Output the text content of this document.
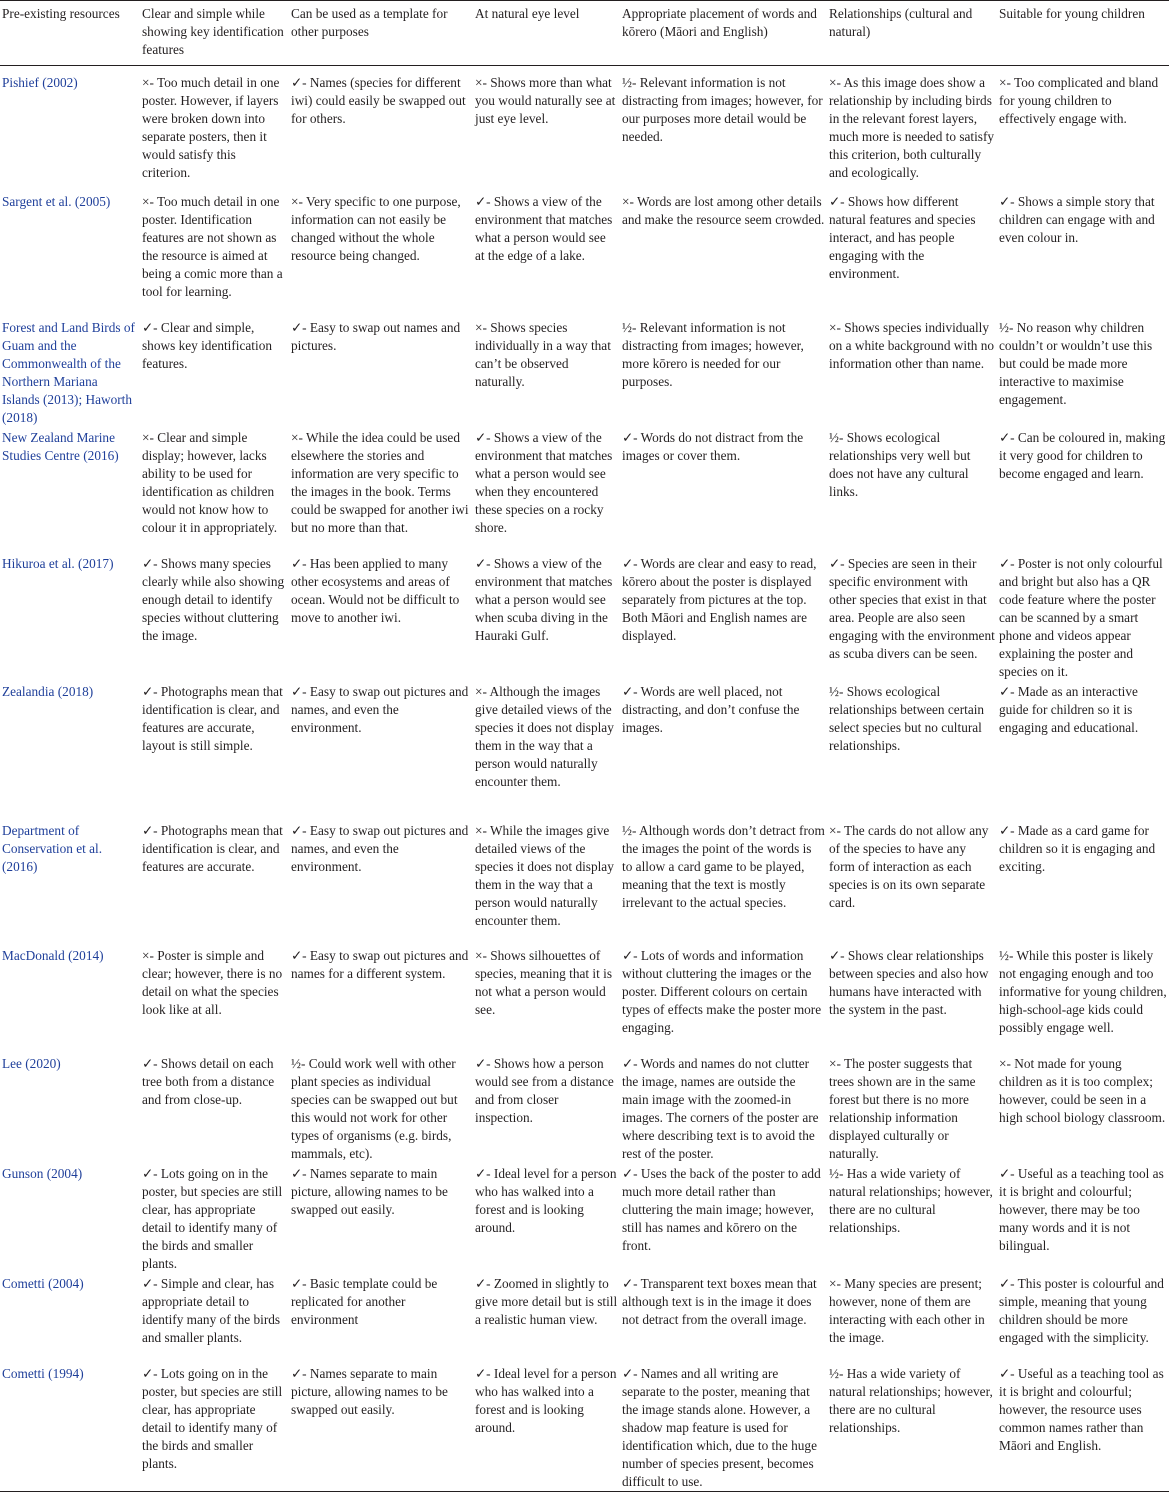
Pre-existing resources	Clear and simple while showing key identification features	Can be used as a template for other purposes	At natural eye level	Appropriate placement of words and kōrero (Māori and English)	Relationships (cultural and natural)	Suitable for young children
Pishief (2002)	×- Too much detail in one poster. However, if layers were broken down into separate posters, then it would satisfy this criterion.	✓- Names (species for different iwi) could easily be swapped out for others.	×- Shows more than what you would naturally see at just eye level.	½- Relevant information is not distracting from images; however, for our purposes more detail would be needed.	×- As this image does show a relationship by including birds in the relevant forest layers, much more is needed to satisfy this criterion, both culturally and ecologically.	×- Too complicated and bland for young children to effectively engage with.
Sargent et al. (2005)	×- Too much detail in one poster. Identification features are not shown as the resource is aimed at being a comic more than a tool for learning.	×- Very specific to one purpose, information can not easily be changed without the whole resource being changed.	✓- Shows a view of the environment that matches what a person would see at the edge of a lake.	×- Words are lost among other details and make the resource seem crowded.	✓- Shows how different natural features and species interact, and has people engaging with the environment.	✓- Shows a simple story that children can engage with and even colour in.
Forest and Land Birds of Guam and the Commonwealth of the Northern Mariana Islands (2013); Haworth (2018)	✓- Clear and simple, shows key identification features.	✓- Easy to swap out names and pictures.	×- Shows species individually in a way that can’t be observed naturally.	½- Relevant information is not distracting from images; however, more kōrero is needed for our purposes.	×- Shows species individually on a white background with no information other than name.	½- No reason why children couldn’t or wouldn’t use this but could be made more interactive to maximise engagement.
New Zealand Marine Studies Centre (2016)	×- Clear and simple display; however, lacks ability to be used for identification as children would not know how to colour it in appropriately.	×- While the idea could be used elsewhere the stories and information are very specific to the images in the book. Terms could be swapped for another iwi but no more than that.	✓- Shows a view of the environment that matches what a person would see when they encountered these species on a rocky shore.	✓- Words do not distract from the images or cover them.	½- Shows ecological relationships very well but does not have any cultural links.	✓- Can be coloured in, making it very good for children to become engaged and learn.
Hikuroa et al. (2017)	✓- Shows many species clearly while also showing enough detail to identify species without cluttering the image.	✓- Has been applied to many other ecosystems and areas of ocean. Would not be difficult to move to another iwi.	✓- Shows a view of the environment that matches what a person would see when scuba diving in the Hauraki Gulf.	✓- Words are clear and easy to read, kōrero about the poster is displayed separately from pictures at the top. Both Māori and English names are displayed.	✓- Species are seen in their specific environment with other species that exist in that area. People are also seen engaging with the environment as scuba divers can be seen.	✓- Poster is not only colourful and bright but also has a QR code feature where the poster can be scanned by a smart phone and videos appear explaining the poster and species on it.
Zealandia (2018)	✓- Photographs mean that identification is clear, and features are accurate, layout is still simple.	✓- Easy to swap out pictures and names, and even the environment.	×- Although the images give detailed views of the species it does not display them in the way that a person would naturally encounter them.	✓- Words are well placed, not distracting, and don’t confuse the images.	½- Shows ecological relationships between certain select species but no cultural relationships.	✓- Made as an interactive guide for children so it is engaging and educational.
Department of Conservation et al. (2016)	✓- Photographs mean that identification is clear, and features are accurate.	✓- Easy to swap out pictures and names, and even the environment.	×- While the images give detailed views of the species it does not display them in the way that a person would naturally encounter them.	½- Although words don’t detract from the images the point of the words is to allow a card game to be played, meaning that the text is mostly irrelevant to the actual species.	×- The cards do not allow any of the species to have any form of interaction as each species is on its own separate card.	✓- Made as a card game for children so it is engaging and exciting.
MacDonald (2014)	×- Poster is simple and clear; however, there is no detail on what the species look like at all.	✓- Easy to swap out pictures and names for a different system.	×- Shows silhouettes of species, meaning that it is not what a person would see.	✓- Lots of words and information without cluttering the images or the poster. Different colours on certain types of effects make the poster more engaging.	✓- Shows clear relationships between species and also how humans have interacted with the system in the past.	½- While this poster is likely not engaging enough and too informative for young children, high-school-age kids could possibly engage well.
Lee (2020)	✓- Shows detail on each tree both from a distance and from close-up.	½- Could work well with other plant species as individual species can be swapped out but this would not work for other types of organisms (e.g. birds, mammals, etc).	✓- Shows how a person would see from a distance and from closer inspection.	✓- Words and names do not clutter the image, names are outside the main image with the zoomed-in images. The corners of the poster are where describing text is to avoid the rest of the poster.	×- The poster suggests that trees shown are in the same forest but there is no more relationship information displayed culturally or naturally.	×- Not made for young children as it is too complex; however, could be seen in a high school biology classroom.
Gunson (2004)	✓- Lots going on in the poster, but species are still clear, has appropriate detail to identify many of the birds and smaller plants.	✓- Names separate to main picture, allowing names to be swapped out easily.	✓- Ideal level for a person who has walked into a forest and is looking around.	✓- Uses the back of the poster to add much more detail rather than cluttering the main image; however, still has names and kōrero on the front.	½- Has a wide variety of natural relationships; however, there are no cultural relationships.	✓- Useful as a teaching tool as it is bright and colourful; however, there may be too many words and it is not bilingual.
Cometti (2004)	✓- Simple and clear, has appropriate detail to identify many of the birds and smaller plants.	✓- Basic template could be replicated for another environment	✓- Zoomed in slightly to give more detail but is still a realistic human view.	✓- Transparent text boxes mean that although text is in the image it does not detract from the overall image.	×- Many species are present; however, none of them are interacting with each other in the image.	✓- This poster is colourful and simple, meaning that young children should be more engaged with the simplicity.
Cometti (1994)	✓- Lots going on in the poster, but species are still clear, has appropriate detail to identify many of the birds and smaller plants.	✓- Names separate to main picture, allowing names to be swapped out easily.	✓- Ideal level for a person who has walked into a forest and is looking around.	✓- Names and all writing are separate to the poster, meaning that the image stands alone. However, a shadow map feature is used for identification which, due to the huge number of species present, becomes difficult to use.	½- Has a wide variety of natural relationships; however, there are no cultural relationships.	✓- Useful as a teaching tool as it is bright and colourful; however, the resource uses common names rather than Māori and English.
